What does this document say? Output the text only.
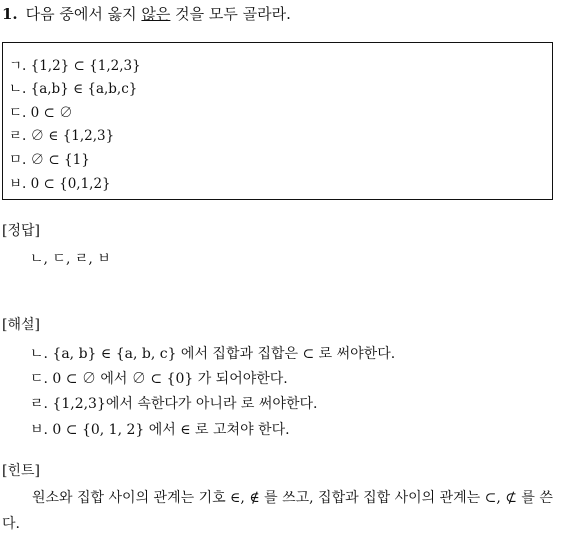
1. 다음 중에서 옳지 않은 것을 모두 골라라.
ㄱ. {1,2} ⊂ {1,2,3}
ㄴ. {a,b} ∈ {a,b,c}
ㄷ. 0 ⊂ ∅
ㄹ. ∅ ∈ {1,2,3}
ㅁ. ∅ ⊂ {1}
ㅂ. 0 ⊂ {0,1,2}
[정답]
ㄴ, ㄷ, ㄹ, ㅂ
[해설]
ㄴ. {a, b} ∈ {a, b, c} 에서 집합과 집합은 ⊂ 로 써야한다.
ㄷ. 0 ⊂ ∅ 에서 ∅ ⊂ {0} 가 되어야한다.
ㄹ. {1,2,3}에서 속한다가 아니라 로 써야한다.
ㅂ. 0 ⊂ {0, 1, 2} 에서 ∈ 로 고쳐야 한다.
[힌트]
원소와 집합 사이의 관계는 기호 ∈, ∉ 를 쓰고, 집합과 집합 사이의 관계는 ⊂, ⊄ 를 쓴다.
